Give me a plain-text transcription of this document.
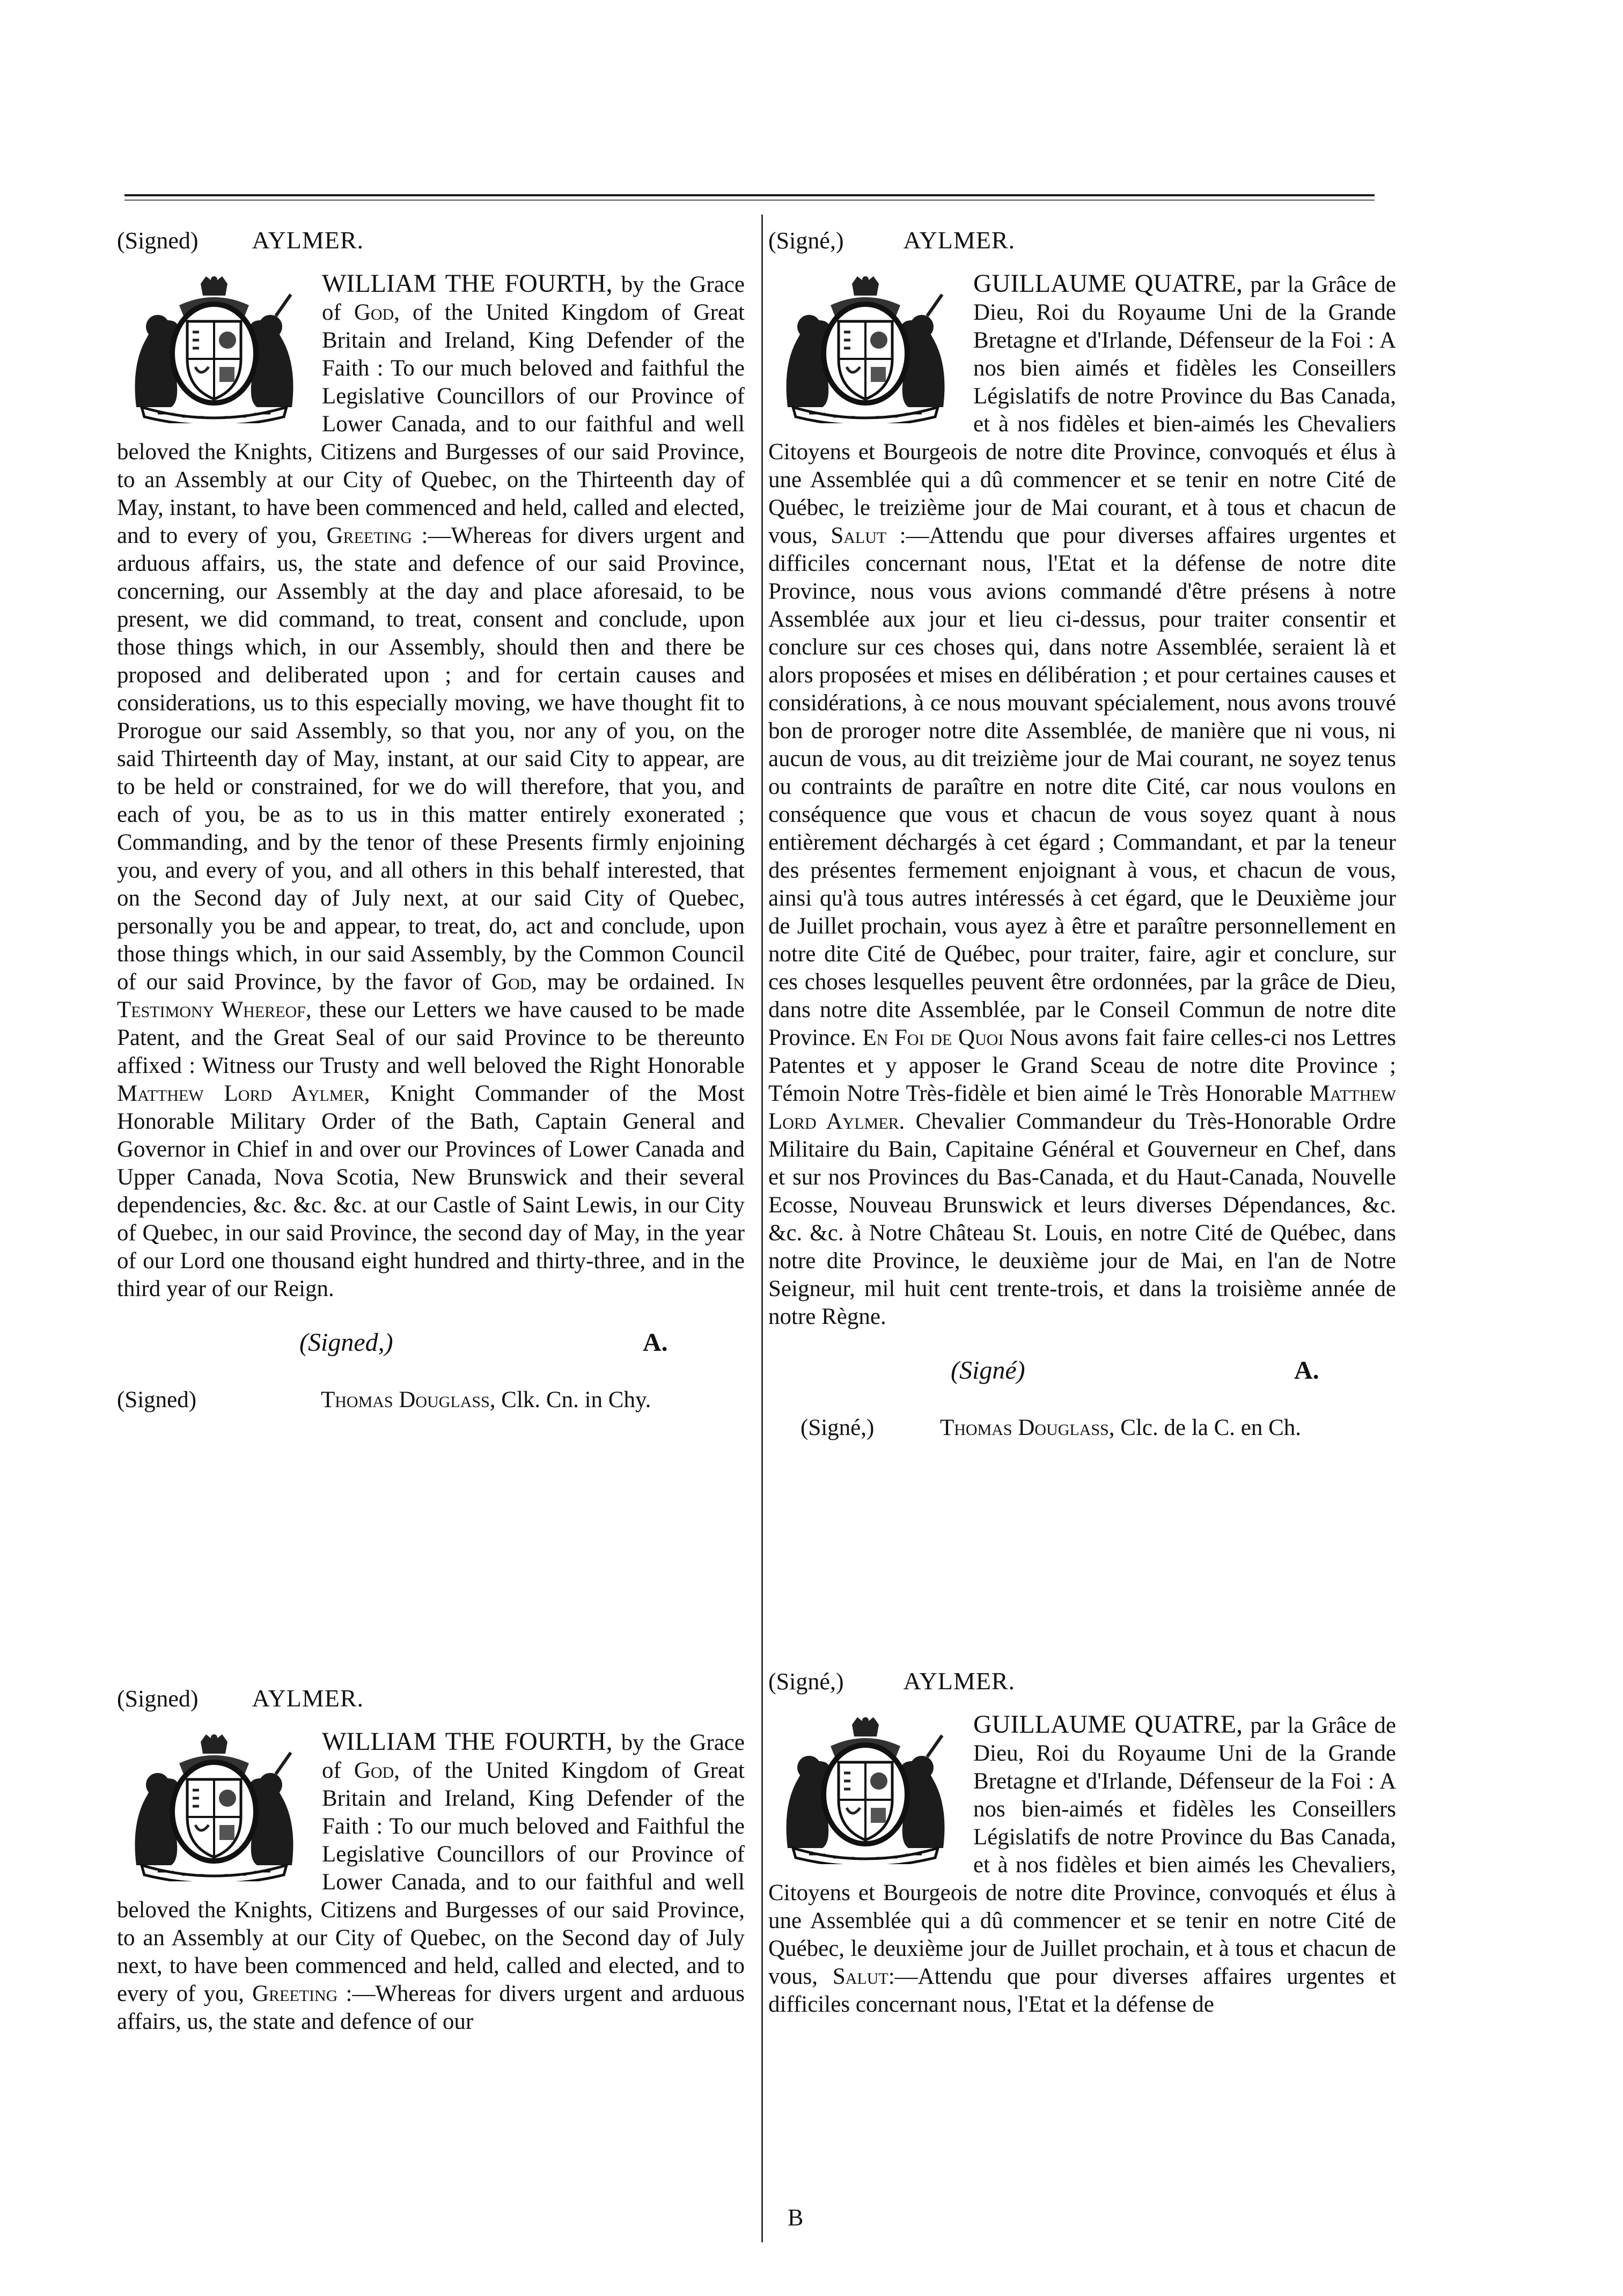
(Signed) AYLMER.

WILLIAM THE FOURTH, by the Grace of God, of the United Kingdom of Great Britain and Ireland, King Defender of the Faith : To our much beloved and faithful the Legislative Councillors of our Province of Lower Canada, and to our faithful and well beloved the Knights, Citizens and Burgesses of our said Province, to an Assembly at our City of Quebec, on the Thirteenth day of May, instant, to have been commenced and held, called and elected, and to every of you, Greeting :—Whereas for divers urgent and arduous affairs, us, the state and defence of our said Province, concerning, our Assembly at the day and place aforesaid, to be present, we did command, to treat, consent and conclude, upon those things which, in our Assembly, should then and there be proposed and deliberated upon ; and for certain causes and considerations, us to this especially moving, we have thought fit to Prorogue our said Assembly, so that you, nor any of you, on the said Thirteenth day of May, instant, at our said City to appear, are to be held or constrained, for we do will therefore, that you, and each of you, be as to us in this matter entirely exonerated ; Commanding, and by the tenor of these Presents firmly enjoining you, and every of you, and all others in this behalf interested, that on the Second day of July next, at our said City of Quebec, personally you be and appear, to treat, do, act and conclude, upon those things which, in our said Assembly, by the Common Council of our said Province, by the favor of God, may be ordained. In Testimony Whereof, these our Letters we have caused to be made Patent, and the Great Seal of our said Province to be thereunto affixed : Witness our Trusty and well beloved the Right Honorable Matthew Lord Aylmer, Knight Commander of the Most Honorable Military Order of the Bath, Captain General and Governor in Chief in and over our Provinces of Lower Canada and Upper Canada, Nova Scotia, New Brunswick and their several dependencies, &c. &c. &c. at our Castle of Saint Lewis, in our City of Quebec, in our said Province, the second day of May, in the year of our Lord one thousand eight hundred and thirty-three, and in the third year of our Reign.

(Signed,)	A.
(Signed)	Thomas Douglass, Clk. Cn. in Chy.
(Signed) AYLMER.

WILLIAM THE FOURTH, by the Grace of God, of the United Kingdom of Great Britain and Ireland, King Defender of the Faith : To our much beloved and Faithful the Legislative Councillors of our Province of Lower Canada, and to our faithful and well beloved the Knights, Citizens and Burgesses of our said Province, to an Assembly at our City of Quebec, on the Second day of July next, to have been commenced and held, called and elected, and to every of you, Greeting :—Whereas for divers urgent and arduous affairs, us, the state and defence of our

(Signé,) AYLMER.

GUILLAUME QUATRE, par la Grâce de Dieu, Roi du Royaume Uni de la Grande Bretagne et d'Irlande, Défenseur de la Foi : A nos bien aimés et fidèles les Conseillers Législatifs de notre Province du Bas Canada, et à nos fidèles et bien-aimés les Chevaliers Citoyens et Bourgeois de notre dite Province, convoqués et élus à une Assemblée qui a dû commencer et se tenir en notre Cité de Québec, le treizième jour de Mai courant, et à tous et chacun de vous, Salut :—Attendu que pour diverses affaires urgentes et difficiles concernant nous, l'Etat et la défense de notre dite Province, nous vous avions commandé d'être présens à notre Assemblée aux jour et lieu ci-dessus, pour traiter consentir et conclure sur ces choses qui, dans notre Assemblée, seraient là et alors proposées et mises en délibération ; et pour certaines causes et considérations, à ce nous mouvant spécialement, nous avons trouvé bon de proroger notre dite Assemblée, de manière que ni vous, ni aucun de vous, au dit treizième jour de Mai courant, ne soyez tenus ou contraints de paraître en notre dite Cité, car nous voulons en conséquence que vous et chacun de vous soyez quant à nous entièrement déchargés à cet égard ; Commandant, et par la teneur des présentes fermement enjoignant à vous, et chacun de vous, ainsi qu'à tous autres intéressés à cet égard, que le Deuxième jour de Juillet prochain, vous ayez à être et paraître personnellement en notre dite Cité de Québec, pour traiter, faire, agir et conclure, sur ces choses lesquelles peuvent être ordonnées, par la grâce de Dieu, dans notre dite Assemblée, par le Conseil Commun de notre dite Province. En Foi de Quoi Nous avons fait faire celles-ci nos Lettres Patentes et y apposer le Grand Sceau de notre dite Province ; Témoin Notre Très-fidèle et bien aimé le Très Honorable Matthew Lord Aylmer. Chevalier Commandeur du Très-Honorable Ordre Militaire du Bain, Capitaine Général et Gouverneur en Chef, dans et sur nos Provinces du Bas-Canada, et du Haut-Canada, Nouvelle Ecosse, Nouveau Brunswick et leurs diverses Dépendances, &c. &c. &c. à Notre Château St. Louis, en notre Cité de Québec, dans notre dite Province, le deuxième jour de Mai, en l'an de Notre Seigneur, mil huit cent trente-trois, et dans la troisième année de notre Règne.

(Signé)	A.
(Signé,)	Thomas Douglass, Clc. de la C. en Ch.
(Signé,) AYLMER.

GUILLAUME QUATRE, par la Grâce de Dieu, Roi du Royaume Uni de la Grande Bretagne et d'Irlande, Défenseur de la Foi : A nos bien-aimés et fidèles les Conseillers Législatifs de notre Province du Bas Canada, et à nos fidèles et bien aimés les Chevaliers, Citoyens et Bourgeois de notre dite Province, convoqués et élus à une Assemblée qui a dû commencer et se tenir en notre Cité de Québec, le deuxième jour de Juillet prochain, et à tous et chacun de vous, Salut:—Attendu que pour diverses affaires urgentes et difficiles concernant nous, l'Etat et la défense de

B
